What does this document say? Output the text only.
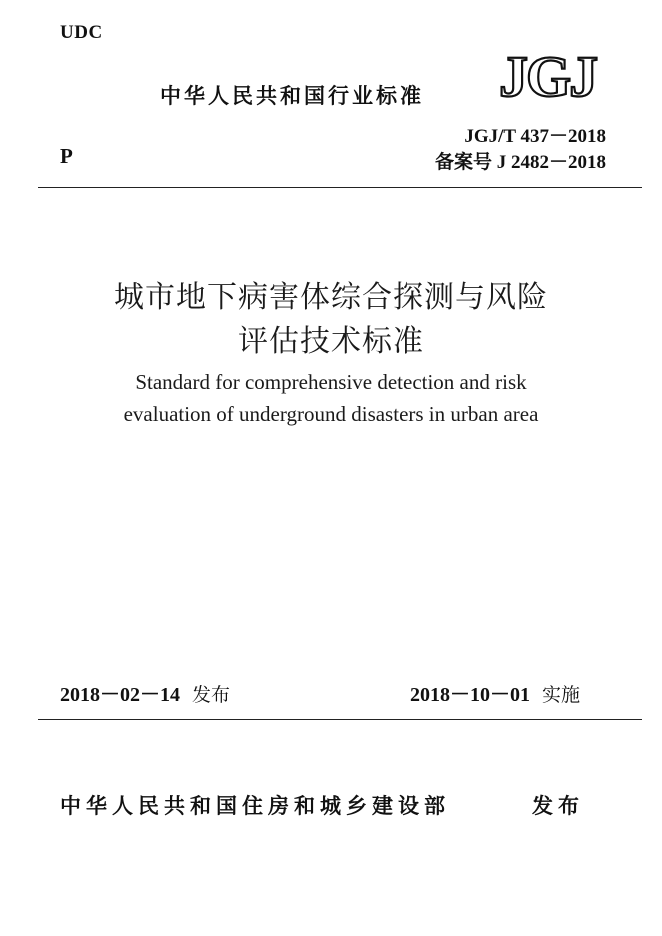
UDC
中华人民共和国行业标准 JGJ
P
JGJ/T 437－2018
备案号 J 2482－2018
城市地下病害体综合探测与风险
评估技术标准
Standard for comprehensive detection and risk
evaluation of underground disasters in urban area
2018－02－14 发布	2018－10－01 实施
中华人民共和国住房和城乡建设部	发布
